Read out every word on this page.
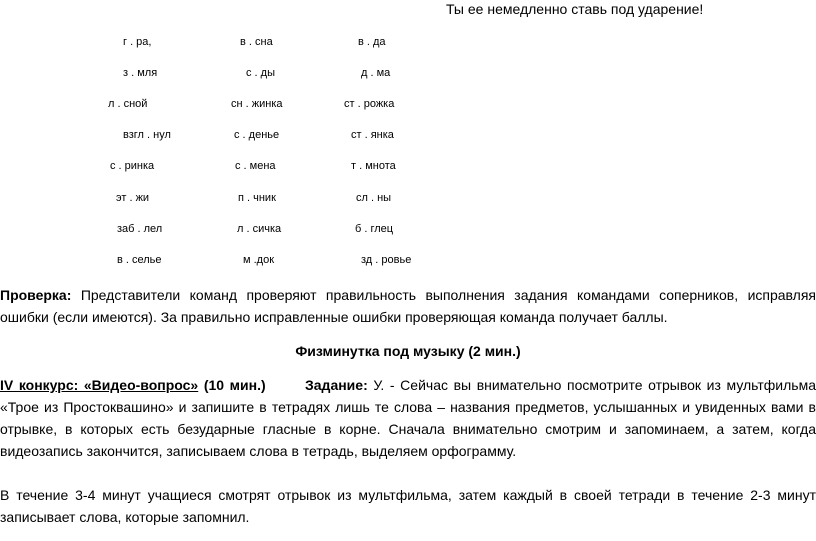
Ты ее немедленно ставь под ударение!
г . ра,	в . сна	в . да
з . мля	с . ды	д . ма
л . сной	сн . жинка	ст . рожка
взгл . нул	с . денье	ст . янка
с . ринка	с . мена	т . мнота
эт . жи	п . чник	сл . ны
заб . лел	л . сичка	б . глец
в . селье	м .док	зд . ровье

Проверка: Представители команд проверяют правильность выполнения задания командами соперников, исправляя ошибки (если имеются). За правильно исправленные ошибки проверяющая команда получает баллы.

Физминутка под музыку (2 мин.)

IV конкурс: «Видео-вопрос» (10 мин.)	Задание: У. - Сейчас вы внимательно посмотрите отрывок из мультфильма «Трое из Простоквашино» и запишите в тетрадях лишь те слова – названия предметов, услышанных и увиденных вами в отрывке, в которых есть безударные гласные в корне. Сначала внимательно смотрим и запоминаем, а затем, когда видеозапись закончится, записываем слова в тетрадь, выделяем орфограмму.

В течение 3-4 минут учащиеся смотрят отрывок из мультфильма, затем каждый в своей тетради в течение 2-3 минут записывает слова, которые запомнил.
